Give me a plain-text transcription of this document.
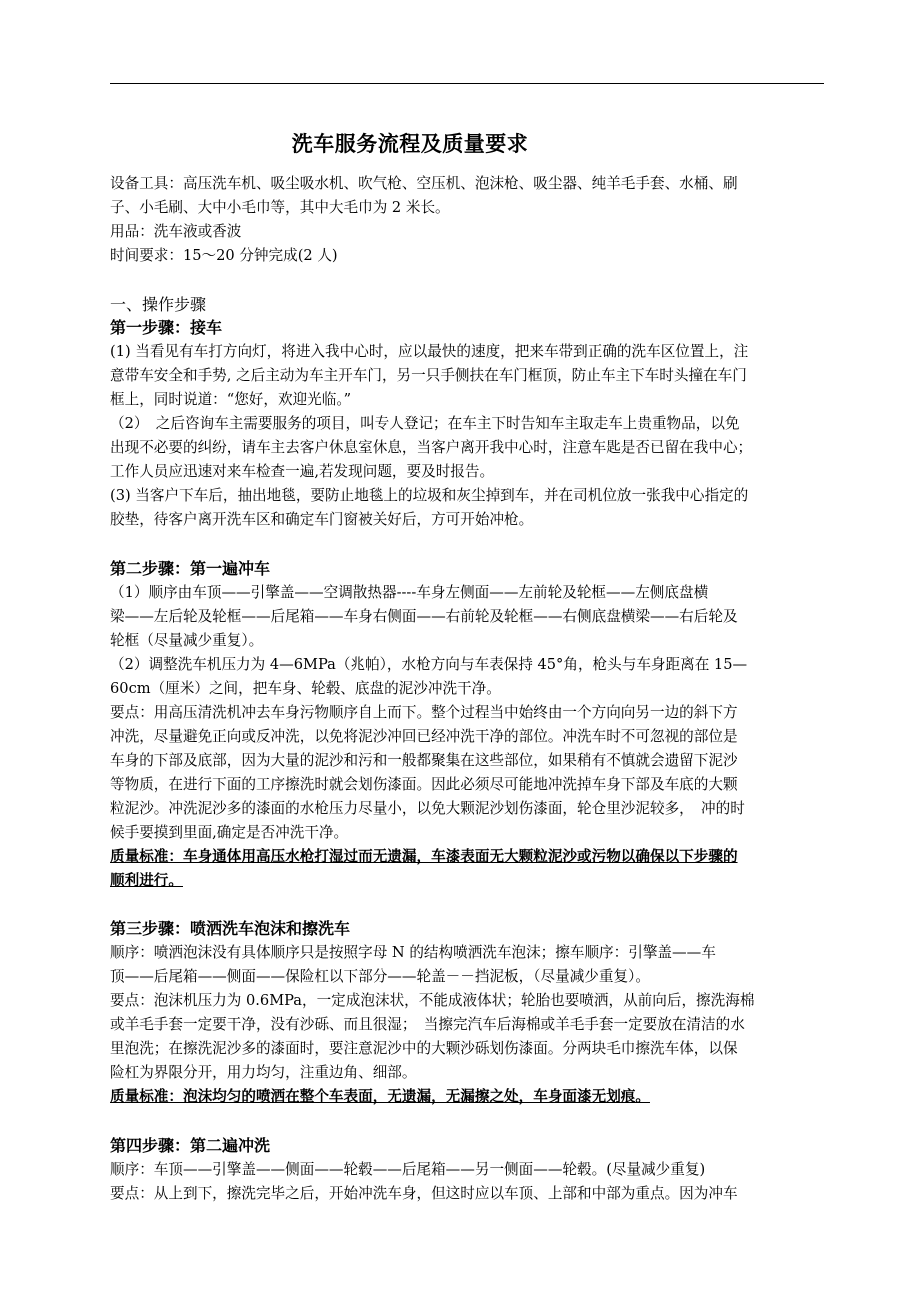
洗车服务流程及质量要求
设备工具：高压洗车机、吸尘吸水机、吹气枪、空压机、泡沫枪、吸尘器、纯羊毛手套、水桶、刷
子、小毛刷、大中小毛巾等，其中大毛巾为 2 米长。
用品：洗车液或香波
时间要求：15～20 分钟完成(2 人)
一、操作步骤
第一步骤：接车
(1) 当看见有车打方向灯，将进入我中心时，应以最快的速度，把来车带到正确的洗车区位置上，注
意带车安全和手势, 之后主动为车主开车门，另一只手侧扶在车门框顶，防止车主下车时头撞在车门
框上，同时说道：“您好，欢迎光临。”
（2）　之后咨询车主需要服务的项目，叫专人登记；在车主下时告知车主取走车上贵重物品，以免
出现不必要的纠纷，请车主去客户休息室休息，当客户离开我中心时，注意车匙是否已留在我中心；
工作人员应迅速对来车检查一遍,若发现问题，要及时报告。
(3) 当客户下车后，抽出地毯，要防止地毯上的垃圾和灰尘掉到车，并在司机位放一张我中心指定的
胶垫，待客户离开洗车区和确定车门窗被关好后，方可开始冲枪。
第二步骤：第一遍冲车
（1）顺序由车顶——引擎盖——空调散热器----车身左侧面——左前轮及轮框——左侧底盘横
梁——左后轮及轮框——后尾箱——车身右侧面——右前轮及轮框——右侧底盘横梁——右后轮及
轮框（尽量减少重复）。
（2）调整洗车机压力为 4—6MPa（兆帕），水枪方向与车表保持 45°角，枪头与车身距离在 15—
60cm（厘米）之间，把车身、轮毂、底盘的泥沙冲洗干净。
要点：用高压清洗机冲去车身污物顺序自上而下。整个过程当中始终由一个方向向另一边的斜下方
冲洗，尽量避免正向或反冲洗，以免将泥沙冲回已经冲洗干净的部位。冲洗车时不可忽视的部位是
车身的下部及底部，因为大量的泥沙和污和一般都聚集在这些部位，如果稍有不慎就会遗留下泥沙
等物质，在进行下面的工序擦洗时就会划伤漆面。因此必须尽可能地冲洗掉车身下部及车底的大颗
粒泥沙。冲洗泥沙多的漆面的水枪压力尽量小，以免大颗泥沙划伤漆面，轮仓里沙泥较多，　冲的时
候手要摸到里面,确定是否冲洗干净。
质量标准：车身通体用高压水枪打湿过而无遗漏，车漆表面无大颗粒泥沙或污物以确保以下步骤的
顺利进行。
第三步骤：喷洒洗车泡沫和擦洗车
顺序：喷洒泡沫没有具体顺序只是按照字母 N 的结构喷洒洗车泡沫；擦车顺序：引擎盖——车
顶——后尾箱——侧面——保险杠以下部分——轮盖－－挡泥板，（尽量减少重复）。
要点：泡沫机压力为 0.6MPa，一定成泡沫状，不能成液体状；轮胎也要喷洒，从前向后，擦洗海棉
或羊毛手套一定要干净，没有沙砾、而且很湿；　当擦完汽车后海棉或羊毛手套一定要放在清洁的水
里泡洗；在擦洗泥沙多的漆面时，要注意泥沙中的大颗沙砾划伤漆面。分两块毛巾擦洗车体，以保
险杠为界限分开，用力均匀，注重边角、细部。
质量标准：泡沫均匀的喷洒在整个车表面，无遗漏，无漏擦之处，车身面漆无划痕。
第四步骤：第二遍冲洗
顺序：车顶——引擎盖——侧面——轮毂——后尾箱——另一侧面——轮毂。(尽量减少重复)
要点：从上到下，擦洗完毕之后，开始冲洗车身，但这时应以车顶、上部和中部为重点。因为冲车
